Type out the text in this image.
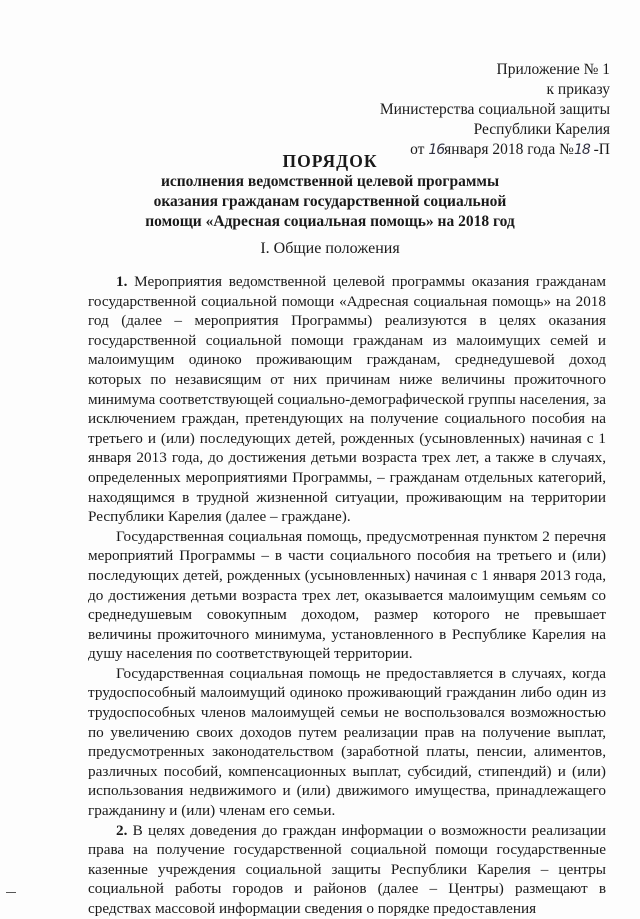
Приложение № 1
к приказу
Министерства социальной защиты
Республики Карелия
от 16января 2018 года №18 -П
ПОРЯДОК
исполнения ведомственной целевой программы
оказания гражданам государственной социальной
помощи «Адресная социальная помощь» на 2018 год
I. Общие положения

1. Мероприятия ведомственной целевой программы оказания гражданам государственной социальной помощи «Адресная социальная помощь» на 2018 год (далее – мероприятия Программы) реализуются в целях оказания государственной социальной помощи гражданам из малоимущих семей и малоимущим одиноко проживающим гражданам, среднедушевой доход которых по независящим от них причинам ниже величины прожиточного минимума соответствующей социально-демографической группы населения, за исключением граждан, претендующих на получение социального пособия на третьего и (или) последующих детей, рожденных (усыновленных) начиная с 1 января 2013 года, до достижения детьми возраста трех лет, а также в случаях, определенных мероприятиями Программы, – гражданам отдельных категорий, находящимся в трудной жизненной ситуации, проживающим на территории Республики Карелия (далее – граждане).

Государственная социальная помощь, предусмотренная пунктом 2 перечня мероприятий Программы – в части социального пособия на третьего и (или) последующих детей, рожденных (усыновленных) начиная с 1 января 2013 года, до достижения детьми возраста трех лет, оказывается малоимущим семьям со среднедушевым совокупным доходом, размер которого не превышает величины прожиточного минимума, установленного в Республике Карелия на душу населения по соответствующей территории.

Государственная социальная помощь не предоставляется в случаях, когда трудоспособный малоимущий одиноко проживающий гражданин либо один из трудоспособных членов малоимущей семьи не воспользовался возможностью по увеличению своих доходов путем реализации прав на получение выплат, предусмотренных законодательством (заработной платы, пенсии, алиментов, различных пособий, компенсационных выплат, субсидий, стипендий) и (или) использования недвижимого и (или) движимого имущества, принадлежащего гражданину и (или) членам его семьи.

2. В целях доведения до граждан информации о возможности реализации права на получение государственной социальной помощи государственные казенные учреждения социальной защиты Республики Карелия – центры социальной работы городов и районов (далее – Центры) размещают в средствах массовой информации сведения о порядке предоставления
